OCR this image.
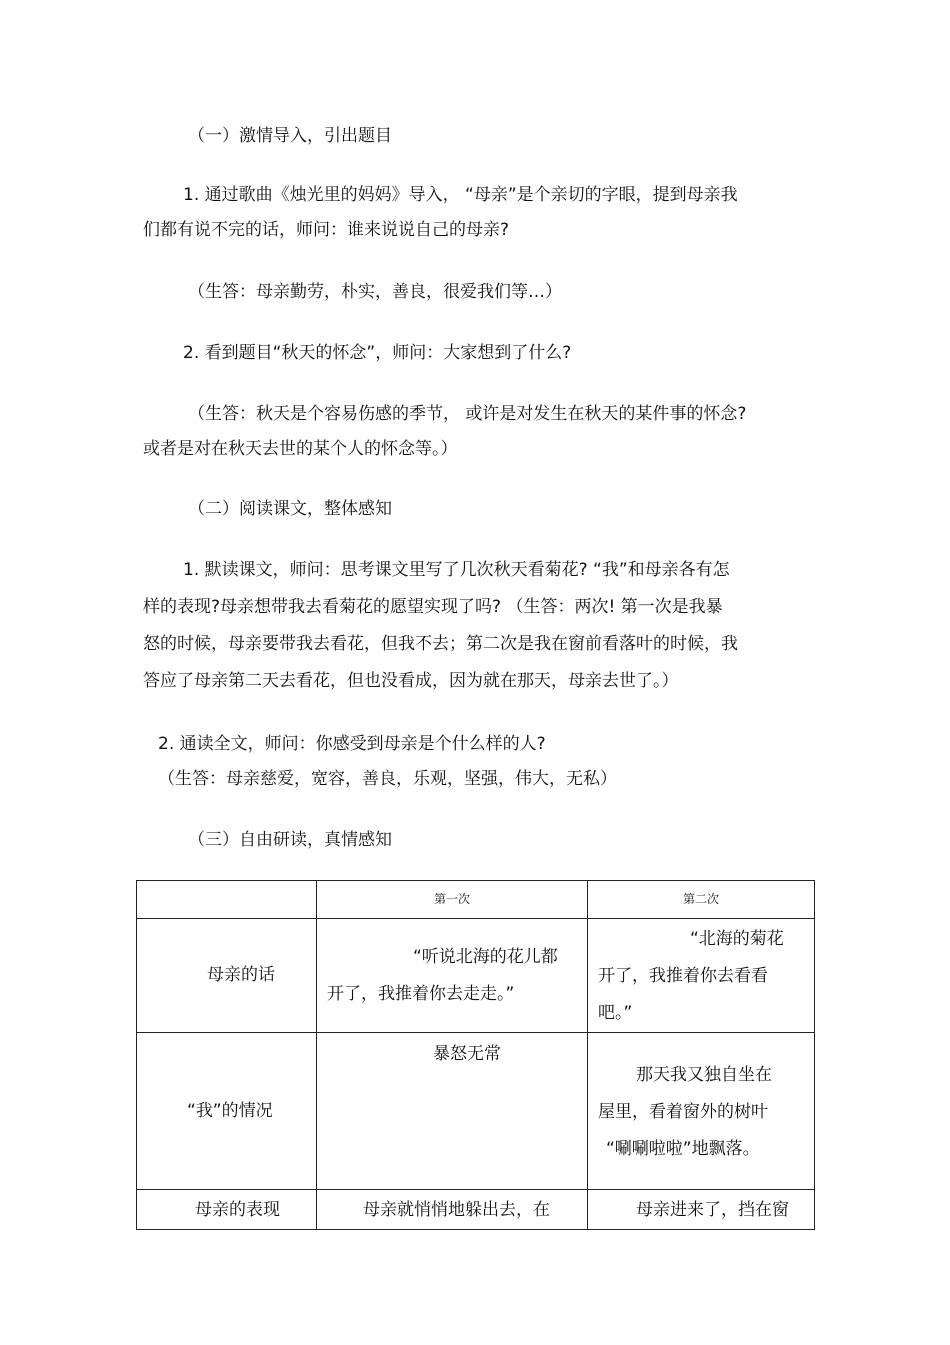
（一）激情导入，引出题目
1. 通过歌曲《烛光里的妈妈》导入， “母亲”是个亲切的字眼，提到母亲我
们都有说不完的话，师问：谁来说说自己的母亲?
（生答：母亲勤劳，朴实，善良，很爱我们等…）
2. 看到题目“秋天的怀念”，师问：大家想到了什么?
（生答：秋天是个容易伤感的季节， 或许是对发生在秋天的某件事的怀念?
或者是对在秋天去世的某个人的怀念等。）
（二）阅读课文，整体感知
1. 默读课文，师问：思考课文里写了几次秋天看菊花? “我”和母亲各有怎
样的表现?母亲想带我去看菊花的愿望实现了吗? （生答：两次! 第一次是我暴
怒的时候，母亲要带我去看花，但我不去；第二次是我在窗前看落叶的时候，我
答应了母亲第二天去看花，但也没看成，因为就在那天，母亲去世了。）
2. 通读全文，师问：你感受到母亲是个什么样的人?
（生答：母亲慈爱，宽容，善良，乐观，坚强，伟大，无私）
（三）自由研读，真情感知

	第一次	第二次

母亲的话	“听说北海的花儿都
开了，我推着你去走走。”	“北海的菊花
开了，我推着你去看看
吧。”

“我”的情况	暴怒无常	那天我又独自坐在
屋里，看着窗外的树叶
“唰唰啦啦”地飘落。

母亲的表现	母亲就悄悄地躲出去，在	母亲进来了，挡在窗
